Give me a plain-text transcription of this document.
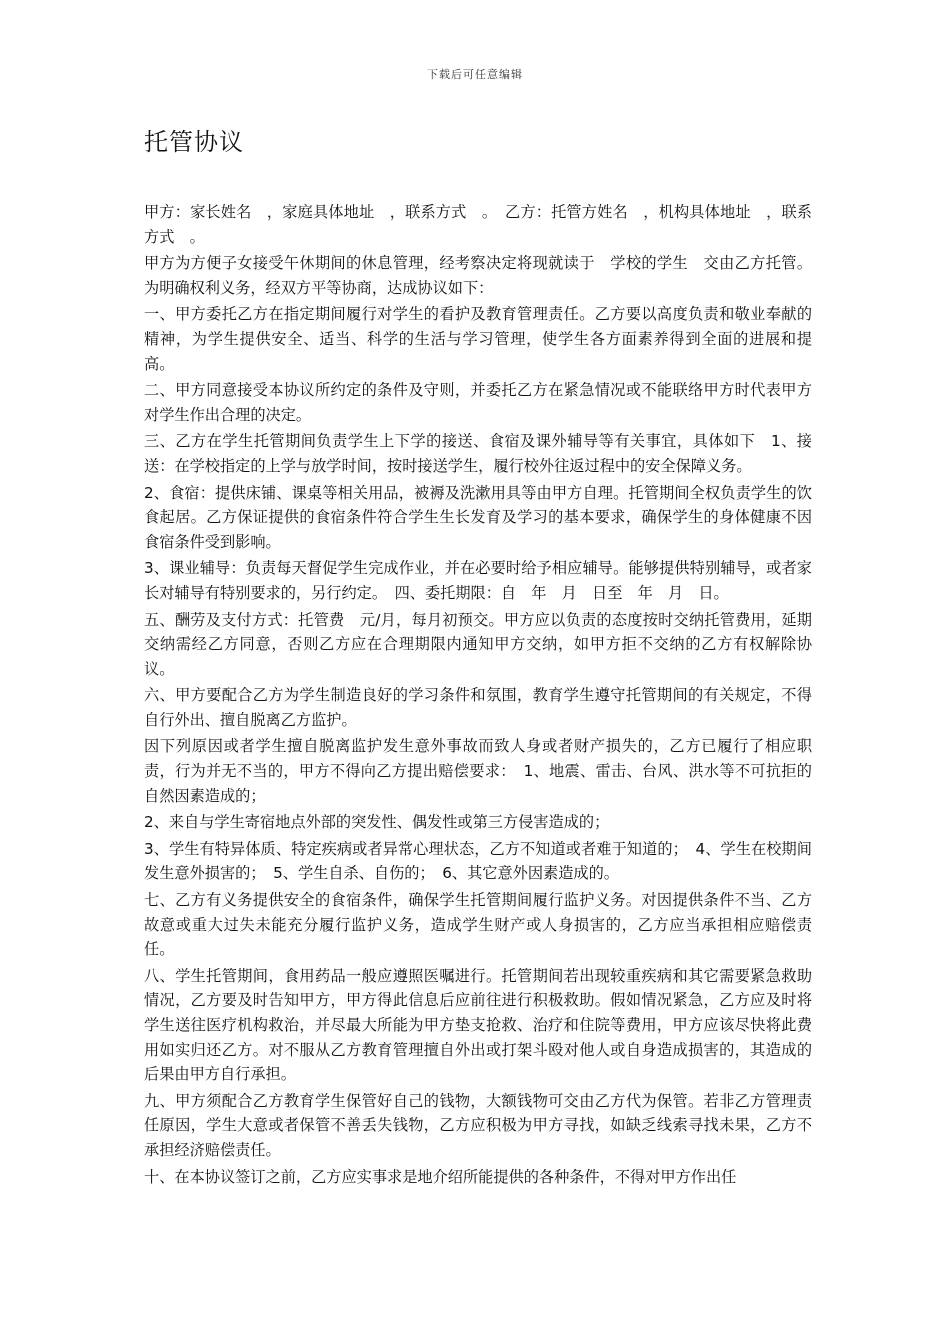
下载后可任意编辑
托管协议

甲方：家长姓名　，家庭具体地址　，联系方式　。　乙方：托管方姓名　，机构具体地址　，联系方式　。

甲方为方便子女接受午休期间的休息管理，经考察决定将现就读于　学校的学生　交由乙方托管。为明确权利义务，经双方平等协商，达成协议如下：

一、甲方委托乙方在指定期间履行对学生的看护及教育管理责任。乙方要以高度负责和敬业奉献的精神，为学生提供安全、适当、科学的生活与学习管理，使学生各方面素养得到全面的进展和提高。

二、甲方同意接受本协议所约定的条件及守则，并委托乙方在紧急情况或不能联络甲方时代表甲方对学生作出合理的决定。

三、乙方在学生托管期间负责学生上下学的接送、食宿及课外辅导等有关事宜，具体如下　1、接送：在学校指定的上学与放学时间，按时接送学生，履行校外往返过程中的安全保障义务。

2、食宿：提供床铺、课桌等相关用品，被褥及洗漱用具等由甲方自理。托管期间全权负责学生的饮食起居。乙方保证提供的食宿条件符合学生生长发育及学习的基本要求，确保学生的身体健康不因食宿条件受到影响。

3、课业辅导：负责每天督促学生完成作业，并在必要时给予相应辅导。能够提供特别辅导，或者家长对辅导有特别要求的，另行约定。　四、委托期限：自　年　月　日至　年　月　日。

五、酬劳及支付方式：托管费　元/月，每月初预交。甲方应以负责的态度按时交纳托管费用，延期交纳需经乙方同意，否则乙方应在合理期限内通知甲方交纳，如甲方拒不交纳的乙方有权解除协议。

六、甲方要配合乙方为学生制造良好的学习条件和氛围，教育学生遵守托管期间的有关规定，不得自行外出、擅自脱离乙方监护。

因下列原因或者学生擅自脱离监护发生意外事故而致人身或者财产损失的，乙方已履行了相应职责，行为并无不当的，甲方不得向乙方提出赔偿要求：　1、地震、雷击、台风、洪水等不可抗拒的自然因素造成的；

2、来自与学生寄宿地点外部的突发性、偶发性或第三方侵害造成的；

3、学生有特异体质、特定疾病或者异常心理状态，乙方不知道或者难于知道的；　4、学生在校期间发生意外损害的；　5、学生自杀、自伤的；　6、其它意外因素造成的。

七、乙方有义务提供安全的食宿条件，确保学生托管期间履行监护义务。对因提供条件不当、乙方故意或重大过失未能充分履行监护义务，造成学生财产或人身损害的，乙方应当承担相应赔偿责任。

八、学生托管期间，食用药品一般应遵照医嘱进行。托管期间若出现较重疾病和其它需要紧急救助情况，乙方要及时告知甲方，甲方得此信息后应前往进行积极救助。假如情况紧急，乙方应及时将学生送往医疗机构救治，并尽最大所能为甲方垫支抢救、治疗和住院等费用，甲方应该尽快将此费用如实归还乙方。对不服从乙方教育管理擅自外出或打架斗殴对他人或自身造成损害的，其造成的后果由甲方自行承担。

九、甲方须配合乙方教育学生保管好自己的钱物，大额钱物可交由乙方代为保管。若非乙方管理责任原因，学生大意或者保管不善丢失钱物，乙方应积极为甲方寻找，如缺乏线索寻找未果，乙方不承担经济赔偿责任。

十、在本协议签订之前，乙方应实事求是地介绍所能提供的各种条件，不得对甲方作出任
